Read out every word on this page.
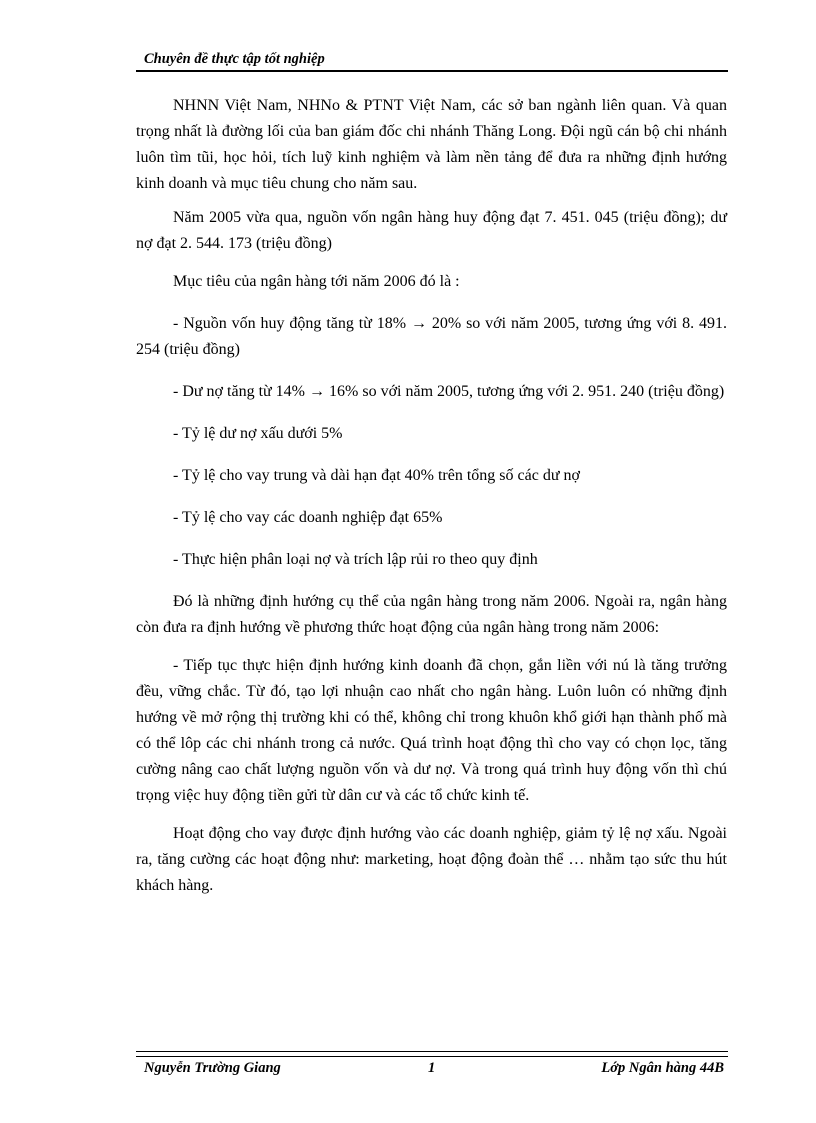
Chuyên đề thực tập tốt nghiệp

NHNN Việt Nam, NHNo & PTNT Việt Nam, các sở ban ngành liên quan. Và quan trọng nhất là đường lối của ban giám đốc chi nhánh Thăng Long. Đội ngũ cán bộ chi nhánh luôn tìm tũi, học hỏi, tích luỹ kinh nghiệm và làm nền tảng để đưa ra những định hướng kinh doanh và mục tiêu chung cho năm sau.

Năm 2005 vừa qua, nguồn vốn ngân hàng huy động đạt 7. 451. 045 (triệu đồng); dư nợ đạt 2. 544. 173 (triệu đồng)

Mục tiêu của ngân hàng tới năm 2006 đó là :

- Nguồn vốn huy động tăng từ 18% → 20% so với năm 2005, tương ứng với 8. 491. 254 (triệu đồng)

- Dư nợ tăng từ 14% → 16% so với năm 2005, tương ứng với 2. 951. 240 (triệu đồng)

- Tỷ lệ dư nợ xấu dưới 5%

- Tỷ lệ cho vay trung và dài hạn đạt 40% trên tổng số các dư nợ

- Tỷ lệ cho vay các doanh nghiệp đạt 65%

- Thực hiện phân loại nợ và trích lập rủi ro theo quy định

Đó là những định hướng cụ thể của ngân hàng trong năm 2006. Ngoài ra, ngân hàng còn đưa ra định hướng về phương thức hoạt động của ngân hàng trong năm 2006:

- Tiếp tục thực hiện định hướng kinh doanh đã chọn, gắn liền với nú là tăng trưởng đều, vững chắc. Từ đó, tạo lợi nhuận cao nhất cho ngân hàng. Luôn luôn có những định hướng về mở rộng thị trường khi có thể, không chỉ trong khuôn khổ giới hạn thành phố mà có thể lôp các chi nhánh trong cả nước. Quá trình hoạt động thì cho vay có chọn lọc, tăng cường nâng cao chất lượng nguồn vốn và dư nợ. Và trong quá trình huy động vốn thì chú trọng việc huy động tiền gửi từ dân cư và các tổ chức kinh tế.

Hoạt động cho vay được định hướng vào các doanh nghiệp, giảm tỷ lệ nợ xấu. Ngoài ra, tăng cường các hoạt động như: marketing, hoạt động đoàn thể … nhằm tạo sức thu hút khách hàng.

Nguyễn Trường Giang	1	Lớp Ngân hàng 44B
